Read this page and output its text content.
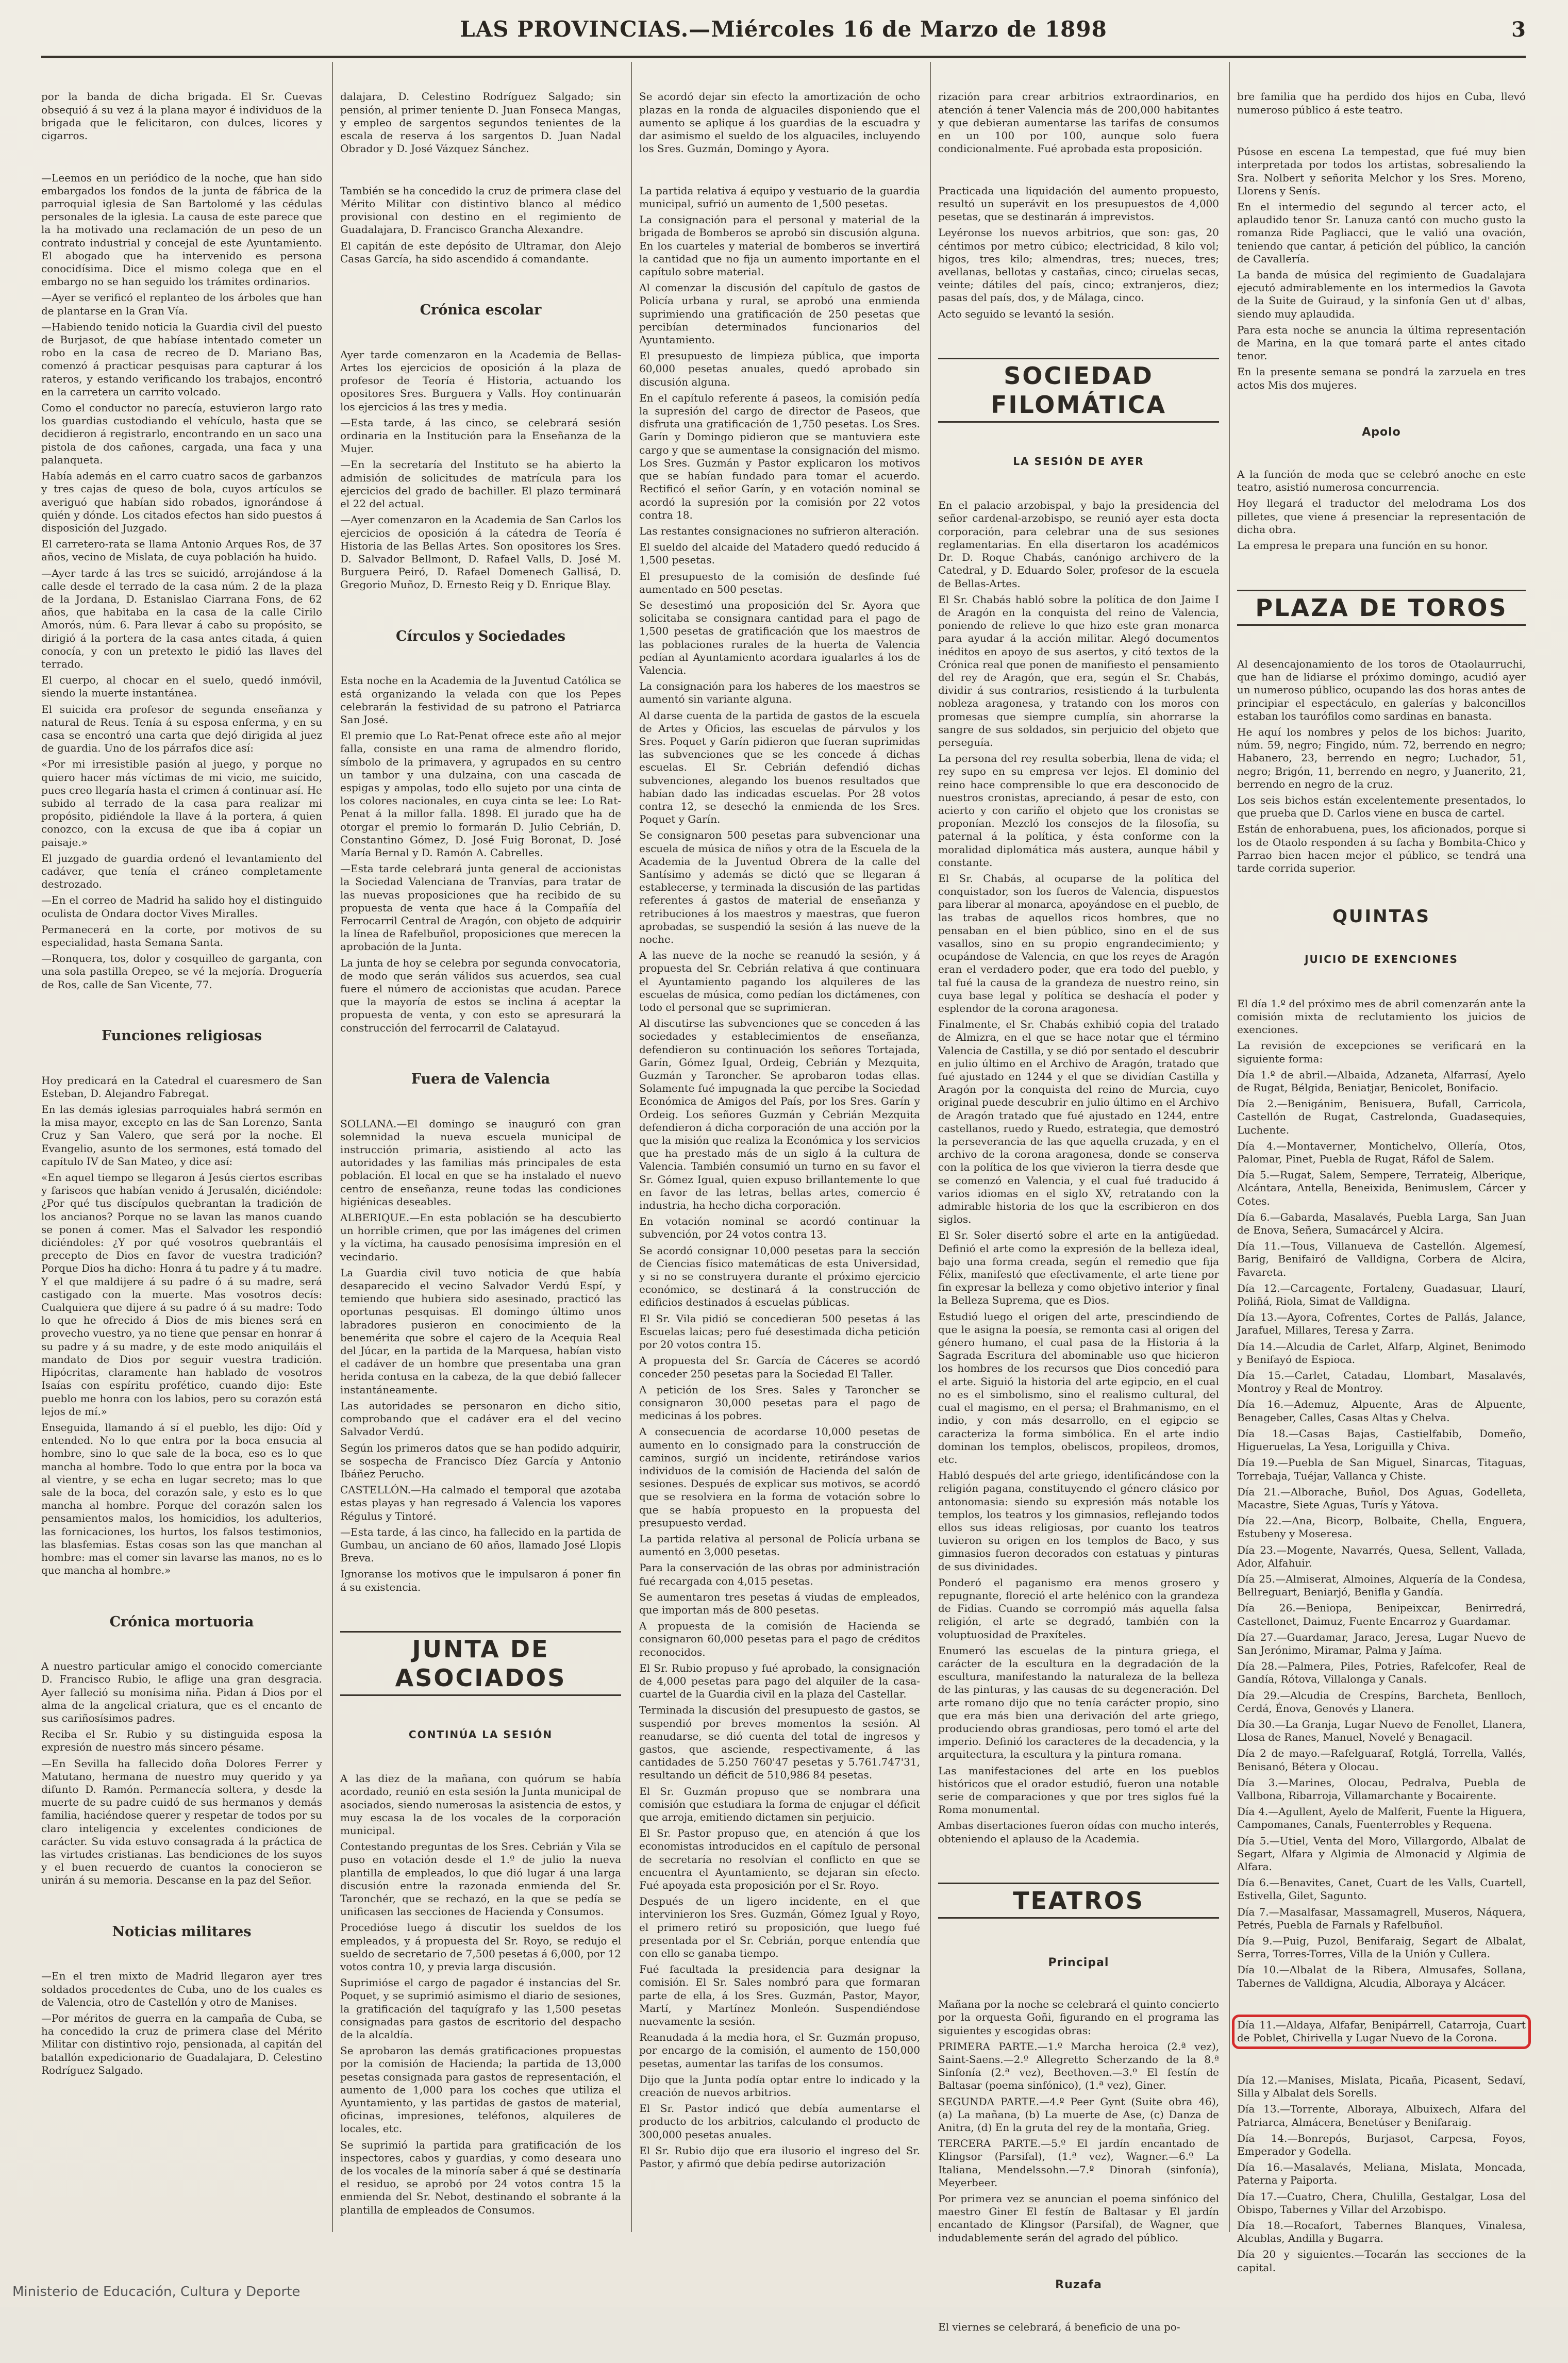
LAS PROVINCIAS.—Miércoles 16 de Marzo de 1898	3

por la banda de dicha brigada. El Sr. Cuevas obsequió á su vez á la plana mayor é individuos de la brigada que le felicitaron, con dulces, licores y cigarros.

—Leemos en un periódico de la noche, que han sido embargados los fondos de la junta de fábrica de la parroquial iglesia de San Bartolomé y las cédulas personales de la iglesia. La causa de este parece que la ha motivado una reclamación de un peso de un contrato industrial y concejal de este Ayuntamiento. El abogado que ha intervenido es persona conocidísima. Dice el mismo colega que en el embargo no se han seguido los trámites ordinarios.

—Ayer se verificó el replanteo de los árboles que han de plantarse en la Gran Vía.

—Habiendo tenido noticia la Guardia civil del puesto de Burjasot, de que habíase intentado cometer un robo en la casa de recreo de D. Mariano Bas, comenzó á practicar pesquisas para capturar á los rateros, y estando verificando los trabajos, encontró en la carretera un carrito volcado.

Como el conductor no parecía, estuvieron largo rato los guardias custodiando el vehículo, hasta que se decidieron á registrarlo, encontrando en un saco una pistola de dos cañones, cargada, una faca y una palanqueta.

Había además en el carro cuatro sacos de garbanzos y tres cajas de queso de bola, cuyos artículos se averiguó que habían sido robados, ignorándose á quién y dónde. Los citados efectos han sido puestos á disposición del Juzgado.

El carretero-rata se llama Antonio Arques Ros, de 37 años, vecino de Mislata, de cuya población ha huido.

—Ayer tarde á las tres se suicidó, arrojándose á la calle desde el terrado de la casa núm. 2 de la plaza de la Jordana, D. Estanislao Ciarrana Fons, de 62 años, que habitaba en la casa de la calle Cirilo Amorós, núm. 6. Para llevar á cabo su propósito, se dirigió á la portera de la casa antes citada, á quien conocía, y con un pretexto le pidió las llaves del terrado.

El cuerpo, al chocar en el suelo, quedó inmóvil, siendo la muerte instantánea.

El suicida era profesor de segunda enseñanza y natural de Reus. Tenía á su esposa enferma, y en su casa se encontró una carta que dejó dirigida al juez de guardia. Uno de los párrafos dice así:

«Por mi irresistible pasión al juego, y porque no quiero hacer más víctimas de mi vicio, me suicido, pues creo llegaría hasta el crimen á continuar así. He subido al terrado de la casa para realizar mi propósito, pidiéndole la llave á la portera, á quien conozco, con la excusa de que iba á copiar un paisaje.»

El juzgado de guardia ordenó el levantamiento del cadáver, que tenía el cráneo completamente destrozado.

—En el correo de Madrid ha salido hoy el distinguido oculista de Ondara doctor Vives Miralles.

Permanecerá en la corte, por motivos de su especialidad, hasta Semana Santa.

—Ronquera, tos, dolor y cosquilleo de garganta, con una sola pastilla Orepeo, se vé la mejoría. Droguería de Ros, calle de San Vicente, 77.

Funciones religiosas

Hoy predicará en la Catedral el cuaresmero de San Esteban, D. Alejandro Fabregat.

En las demás iglesias parroquiales habrá sermón en la misa mayor, excepto en las de San Lorenzo, Santa Cruz y San Valero, que será por la noche. El Evangelio, asunto de los sermones, está tomado del capítulo IV de San Mateo, y dice así:

«En aquel tiempo se llegaron á Jesús ciertos escribas y fariseos que habían venido á Jerusalén, diciéndole: ¿Por qué tus discípulos quebrantan la tradición de los ancianos? Porque no se lavan las manos cuando se ponen á comer. Mas el Salvador les respondió diciéndoles: ¿Y por qué vosotros quebrantáis el precepto de Dios en favor de vuestra tradición? Porque Dios ha dicho: Honra á tu padre y á tu madre. Y el que maldijere á su padre ó á su madre, será castigado con la muerte. Mas vosotros decís: Cualquiera que dijere á su padre ó á su madre: Todo lo que he ofrecido á Dios de mis bienes será en provecho vuestro, ya no tiene que pensar en honrar á su padre y á su madre, y de este modo aniquiláis el mandato de Dios por seguir vuestra tradición. Hipócritas, claramente han hablado de vosotros Isaías con espíritu profético, cuando dijo: Este pueblo me honra con los labios, pero su corazón está lejos de mí.»

Enseguida, llamando á sí el pueblo, les dijo: Oíd y entended. No lo que entra por la boca ensucia al hombre, sino lo que sale de la boca, eso es lo que mancha al hombre. Todo lo que entra por la boca va al vientre, y se echa en lugar secreto; mas lo que sale de la boca, del corazón sale, y esto es lo que mancha al hombre. Porque del corazón salen los pensamientos malos, los homicidios, los adulterios, las fornicaciones, los hurtos, los falsos testimonios, las blasfemias. Estas cosas son las que manchan al hombre: mas el comer sin lavarse las manos, no es lo que mancha al hombre.»

Crónica mortuoria

A nuestro particular amigo el conocido comerciante D. Francisco Rubio, le aflige una gran desgracia. Ayer falleció su monísima niña. Pidan á Dios por el alma de la angelical criatura, que es el encanto de sus cariñosísimos padres.

Reciba el Sr. Rubio y su distinguida esposa la expresión de nuestro más sincero pésame.

—En Sevilla ha fallecido doña Dolores Ferrer y Matutano, hermana de nuestro muy querido y ya difunto D. Ramón. Permanecía soltera, y desde la muerte de su padre cuidó de sus hermanos y demás familia, haciéndose querer y respetar de todos por su claro inteligencia y excelentes condiciones de carácter. Su vida estuvo consagrada á la práctica de las virtudes cristianas. Las bendiciones de los suyos y el buen recuerdo de cuantos la conocieron se unirán á su memoria. Descanse en la paz del Señor.

Noticias militares

—En el tren mixto de Madrid llegaron ayer tres soldados procedentes de Cuba, uno de los cuales es de Valencia, otro de Castellón y otro de Manises.

—Por méritos de guerra en la campaña de Cuba, se ha concedido la cruz de primera clase del Mérito Militar con distintivo rojo, pensionada, al capitán del batallón expedicionario de Guadalajara, D. Celestino Rodríguez Salgado.

dalajara, D. Celestino Rodríguez Salgado; sin pensión, al primer teniente D. Juan Fonseca Mangas, y empleo de sargentos segundos tenientes de la escala de reserva á los sargentos D. Juan Nadal Obrador y D. José Vázquez Sánchez.

También se ha concedido la cruz de primera clase del Mérito Militar con distintivo blanco al médico provisional con destino en el regimiento de Guadalajara, D. Francisco Grancha Alexandre.

El capitán de este depósito de Ultramar, don Alejo Casas García, ha sido ascendido á comandante.

Crónica escolar

Ayer tarde comenzaron en la Academia de Bellas-Artes los ejercicios de oposición á la plaza de profesor de Teoría é Historia, actuando los opositores Sres. Burguera y Valls. Hoy continuarán los ejercicios á las tres y media.

—Esta tarde, á las cinco, se celebrará sesión ordinaria en la Institución para la Enseñanza de la Mujer.

—En la secretaría del Instituto se ha abierto la admisión de solicitudes de matrícula para los ejercicios del grado de bachiller. El plazo terminará el 22 del actual.

—Ayer comenzaron en la Academia de San Carlos los ejercicios de oposición á la cátedra de Teoría é Historia de las Bellas Artes. Son opositores los Sres. D. Salvador Bellmont, D. Rafael Valls, D. José M. Burguera Peiró, D. Rafael Domenech Gallisá, D. Gregorio Muñoz, D. Ernesto Reig y D. Enrique Blay.

Círculos y Sociedades

Esta noche en la Academia de la Juventud Católica se está organizando la velada con que los Pepes celebrarán la festividad de su patrono el Patriarca San José.

El premio que Lo Rat-Penat ofrece este año al mejor falla, consiste en una rama de almendro florido, símbolo de la primavera, y agrupados en su centro un tambor y una dulzaina, con una cascada de espigas y ampolas, todo ello sujeto por una cinta de los colores nacionales, en cuya cinta se lee: Lo Rat-Penat á la millor falla. 1898. El jurado que ha de otorgar el premio lo formarán D. Julio Cebrián, D. Constantino Gómez, D. José Fuig Boronat, D. José María Bernal y D. Ramón A. Cabrelles.

—Esta tarde celebrará junta general de accionistas la Sociedad Valenciana de Tranvías, para tratar de las nuevas proposiciones que ha recibido de su propuesta de venta que hace á la Compañía del Ferrocarril Central de Aragón, con objeto de adquirir la línea de Rafelbuñol, proposiciones que merecen la aprobación de la Junta.

La junta de hoy se celebra por segunda convocatoria, de modo que serán válidos sus acuerdos, sea cual fuere el número de accionistas que acudan. Parece que la mayoría de estos se inclina á aceptar la propuesta de venta, y con esto se apresurará la construcción del ferrocarril de Calatayud.

Fuera de Valencia

SOLLANA.—El domingo se inauguró con gran solemnidad la nueva escuela municipal de instrucción primaria, asistiendo al acto las autoridades y las familias más principales de esta población. El local en que se ha instalado el nuevo centro de enseñanza, reune todas las condiciones higiénicas deseables.

ALBERIQUE.—En esta población se ha descubierto un horrible crimen, que por las imágenes del crimen y la víctima, ha causado penosísima impresión en el vecindario.

La Guardia civil tuvo noticia de que había desaparecido el vecino Salvador Verdú Espí, y temiendo que hubiera sido asesinado, practicó las oportunas pesquisas. El domingo último unos labradores pusieron en conocimiento de la benemérita que sobre el cajero de la Acequia Real del Júcar, en la partida de la Marquesa, habían visto el cadáver de un hombre que presentaba una gran herida contusa en la cabeza, de la que debió fallecer instantáneamente.

Las autoridades se personaron en dicho sitio, comprobando que el cadáver era el del vecino Salvador Verdú.

Según los primeros datos que se han podido adquirir, se sospecha de Francisco Díez García y Antonio Ibáñez Perucho.

CASTELLÓN.—Ha calmado el temporal que azotaba estas playas y han regresado á Valencia los vapores Régulus y Tintoré.

—Esta tarde, á las cinco, ha fallecido en la partida de Gumbau, un anciano de 60 años, llamado José Llopis Breva.

Ignoranse los motivos que le impulsaron á poner fin á su existencia.

JUNTA DE ASOCIADOS

CONTINÚA LA SESIÓN

A las diez de la mañana, con quórum se había acordado, reunió en esta sesión la Junta municipal de asociados, siendo numerosas la asistencia de estos, y muy escasa la de los vocales de la corporación municipal.

Contestando preguntas de los Sres. Cebrián y Vila se puso en votación desde el 1.º de julio la nueva plantilla de empleados, lo que dió lugar á una larga discusión entre la razonada enmienda del Sr. Taronchér, que se rechazó, en la que se pedía se unificasen las secciones de Hacienda y Consumos.

Procedióse luego á discutir los sueldos de los empleados, y á propuesta del Sr. Royo, se redujo el sueldo de secretario de 7,500 pesetas á 6,000, por 12 votos contra 10, y previa larga discusión.

Suprimióse el cargo de pagador é instancias del Sr. Poquet, y se suprimió asimismo el diario de sesiones, la gratificación del taquígrafo y las 1,500 pesetas consignadas para gastos de escritorio del despacho de la alcaldía.

Se aprobaron las demás gratificaciones propuestas por la comisión de Hacienda; la partida de 13,000 pesetas consignada para gastos de representación, el aumento de 1,000 para los coches que utiliza el Ayuntamiento, y las partidas de gastos de material, oficinas, impresiones, teléfonos, alquileres de locales, etc.

Se suprimió la partida para gratificación de los inspectores, cabos y guardias, y como deseara uno de los vocales de la minoría saber á qué se destinaría el residuo, se aprobó por 24 votos contra 15 la enmienda del Sr. Nebot, destinando el sobrante á la plantilla de empleados de Consumos.

Se acordó dejar sin efecto la amortización de ocho plazas en la ronda de alguaciles disponiendo que el aumento se aplique á los guardias de la escuadra y dar asimismo el sueldo de los alguaciles, incluyendo los Sres. Guzmán, Domingo y Ayora.

La partida relativa á equipo y vestuario de la guardia municipal, sufrió un aumento de 1,500 pesetas.

La consignación para el personal y material de la brigada de Bomberos se aprobó sin discusión alguna. En los cuarteles y material de bomberos se invertirá la cantidad que no fija un aumento importante en el capítulo sobre material.

Al comenzar la discusión del capítulo de gastos de Policía urbana y rural, se aprobó una enmienda suprimiendo una gratificación de 250 pesetas que percibían determinados funcionarios del Ayuntamiento.

El presupuesto de limpieza pública, que importa 60,000 pesetas anuales, quedó aprobado sin discusión alguna.

En el capítulo referente á paseos, la comisión pedía la supresión del cargo de director de Paseos, que disfruta una gratificación de 1,750 pesetas. Los Sres. Garín y Domingo pidieron que se mantuviera este cargo y que se aumentase la consignación del mismo. Los Sres. Guzmán y Pastor explicaron los motivos que se habían fundado para tomar el acuerdo. Rectificó el señor Garín, y en votación nominal se acordó la supresión por la comisión por 22 votos contra 18.

Las restantes consignaciones no sufrieron alteración.

El sueldo del alcaide del Matadero quedó reducido á 1,500 pesetas.

El presupuesto de la comisión de desfinde fué aumentado en 500 pesetas.

Se desestimó una proposición del Sr. Ayora que solicitaba se consignara cantidad para el pago de 1,500 pesetas de gratificación que los maestros de las poblaciones rurales de la huerta de Valencia pedían al Ayuntamiento acordara igualarles á los de Valencia.

La consignación para los haberes de los maestros se aumentó sin variante alguna.

Al darse cuenta de la partida de gastos de la escuela de Artes y Oficios, las escuelas de párvulos y los Sres. Poquet y Garín pidieron que fueran suprimidas las subvenciones que se les concede á dichas escuelas. El Sr. Cebrián defendió dichas subvenciones, alegando los buenos resultados que habían dado las indicadas escuelas. Por 28 votos contra 12, se desechó la enmienda de los Sres. Poquet y Garín.

Se consignaron 500 pesetas para subvencionar una escuela de música de niños y otra de la Escuela de la Academia de la Juventud Obrera de la calle del Santísimo y además se dictó que se llegaran á establecerse, y terminada la discusión de las partidas referentes á gastos de material de enseñanza y retribuciones á los maestros y maestras, que fueron aprobadas, se suspendió la sesión á las nueve de la noche.

A las nueve de la noche se reanudó la sesión, y á propuesta del Sr. Cebrián relativa á que continuara el Ayuntamiento pagando los alquileres de las escuelas de música, como pedían los dictámenes, con todo el personal que se suprimieran.

Al discutirse las subvenciones que se conceden á las sociedades y establecimientos de enseñanza, defendieron su continuación los señores Tortajada, Garín, Gómez Igual, Ordeig, Cebrián y Mezquita, Guzmán y Taroncher. Se aprobaron todas ellas. Solamente fué impugnada la que percibe la Sociedad Económica de Amigos del País, por los Sres. Garín y Ordeig. Los señores Guzmán y Cebrián Mezquita defendieron á dicha corporación de una acción por la que la misión que realiza la Económica y los servicios que ha prestado más de un siglo á la cultura de Valencia. También consumió un turno en su favor el Sr. Gómez Igual, quien expuso brillantemente lo que en favor de las letras, bellas artes, comercio é industria, ha hecho dicha corporación.

En votación nominal se acordó continuar la subvención, por 24 votos contra 13.

Se acordó consignar 10,000 pesetas para la sección de Ciencias físico matemáticas de esta Universidad, y si no se construyera durante el próximo ejercicio económico, se destinará á la construcción de edificios destinados á escuelas públicas.

El Sr. Vila pidió se concedieran 500 pesetas á las Escuelas laicas; pero fué desestimada dicha petición por 20 votos contra 15.

A propuesta del Sr. García de Cáceres se acordó conceder 250 pesetas para la Sociedad El Taller.

A petición de los Sres. Sales y Taroncher se consignaron 30,000 pesetas para el pago de medicinas á los pobres.

A consecuencia de acordarse 10,000 pesetas de aumento en lo consignado para la construcción de caminos, surgió un incidente, retirándose varios individuos de la comisión de Hacienda del salón de sesiones. Después de explicar sus motivos, se acordó que se resolviera en la forma de votación sobre lo que se había propuesto en la propuesta del presupuesto verdad.

La partida relativa al personal de Policía urbana se aumentó en 3,000 pesetas.

Para la conservación de las obras por administración fué recargada con 4,015 pesetas.

Se aumentaron tres pesetas á viudas de empleados, que importan más de 800 pesetas.

A propuesta de la comisión de Hacienda se consignaron 60,000 pesetas para el pago de créditos reconocidos.

El Sr. Rubio propuso y fué aprobado, la consignación de 4,000 pesetas para pago del alquiler de la casa-cuartel de la Guardia civil en la plaza del Castellar.

Terminada la discusión del presupuesto de gastos, se suspendió por breves momentos la sesión. Al reanudarse, se dió cuenta del total de ingresos y gastos, que asciende, respectivamente, á las cantidades de 5.250 760'47 pesetas y 5.761.747'31, resultando un déficit de 510,986 84 pesetas.

El Sr. Guzmán propuso que se nombrara una comisión que estudiara la forma de enjugar el déficit que arroja, emitiendo dictamen sin perjuicio.

El Sr. Pastor propuso que, en atención á que los economistas introducidos en el capítulo de personal de secretaría no resolvían el conflicto en que se encuentra el Ayuntamiento, se dejaran sin efecto. Fué apoyada esta proposición por el Sr. Royo.

Después de un ligero incidente, en el que intervinieron los Sres. Guzmán, Gómez Igual y Royo, el primero retiró su proposición, que luego fué presentada por el Sr. Cebrián, porque entendía que con ello se ganaba tiempo.

Fué facultada la presidencia para designar la comisión. El Sr. Sales nombró para que formaran parte de ella, á los Sres. Guzmán, Pastor, Mayor, Martí, y Martínez Monleón. Suspendiéndose nuevamente la sesión.

Reanudada á la media hora, el Sr. Guzmán propuso, por encargo de la comisión, el aumento de 150,000 pesetas, aumentar las tarifas de los consumos.

Dijo que la Junta podía optar entre lo indicado y la creación de nuevos arbitrios.

El Sr. Pastor indicó que debía aumentarse el producto de los arbitrios, calculando el producto de 300,000 pesetas anuales.

El Sr. Rubio dijo que era ilusorio el ingreso del Sr. Pastor, y afirmó que debía pedirse autorización

rización para crear arbitrios extraordinarios, en atención á tener Valencia más de 200,000 habitantes y que debieran aumentarse las tarifas de consumos en un 100 por 100, aunque solo fuera condicionalmente. Fué aprobada esta proposición.

Practicada una liquidación del aumento propuesto, resultó un superávit en los presupuestos de 4,000 pesetas, que se destinarán á imprevistos.

Leyéronse los nuevos arbitrios, que son: gas, 20 céntimos por metro cúbico; electricidad, 8 kilo vol; higos, tres kilo; almendras, tres; nueces, tres; avellanas, bellotas y castañas, cinco; ciruelas secas, veinte; dátiles del país, cinco; extranjeros, diez; pasas del país, dos, y de Málaga, cinco.

Acto seguido se levantó la sesión.

SOCIEDAD FILOMÁTICA

LA SESIÓN DE AYER

En el palacio arzobispal, y bajo la presidencia del señor cardenal-arzobispo, se reunió ayer esta docta corporación, para celebrar una de sus sesiones reglamentarias. En ella disertaron los académicos Dr. D. Roque Chabás, canónigo archivero de la Catedral, y D. Eduardo Soler, profesor de la escuela de Bellas-Artes.

El Sr. Chabás habló sobre la política de don Jaime I de Aragón en la conquista del reino de Valencia, poniendo de relieve lo que hizo este gran monarca para ayudar á la acción militar. Alegó documentos inéditos en apoyo de sus asertos, y citó textos de la Crónica real que ponen de manifiesto el pensamiento del rey de Aragón, que era, según el Sr. Chabás, dividir á sus contrarios, resistiendo á la turbulenta nobleza aragonesa, y tratando con los moros con promesas que siempre cumplía, sin ahorrarse la sangre de sus soldados, sin perjuicio del objeto que perseguía.

La persona del rey resulta soberbia, llena de vida; el rey supo en su empresa ver lejos. El dominio del reino hace comprensible lo que era desconocido de nuestros cronistas, apreciando, á pesar de esto, con acierto y con cariño el objeto que los cronistas se proponían. Mezcló los consejos de la filosofía, su paternal á la política, y ésta conforme con la moralidad diplomática más austera, aunque hábil y constante.

El Sr. Chabás, al ocuparse de la política del conquistador, son los fueros de Valencia, dispuestos para liberar al monarca, apoyándose en el pueblo, de las trabas de aquellos ricos hombres, que no pensaban en el bien público, sino en el de sus vasallos, sino en su propio engrandecimiento; y ocupándose de Valencia, en que los reyes de Aragón eran el verdadero poder, que era todo del pueblo, y tal fué la causa de la grandeza de nuestro reino, sin cuya base legal y política se deshacía el poder y esplendor de la corona aragonesa.

Finalmente, el Sr. Chabás exhibió copia del tratado de Almizra, en el que se hace notar que el término Valencia de Castilla, y se dió por sentado el descubrir en julio último en el Archivo de Aragón, tratado que fué ajustado en 1244 y el que se dividían Castilla y Aragón por la conquista del reino de Murcia, cuyo original puede descubrir en julio último en el Archivo de Aragón tratado que fué ajustado en 1244, entre castellanos, ruedo y Ruedo, estrategia, que demostró la perseverancia de las que aquella cruzada, y en el archivo de la corona aragonesa, donde se conserva con la política de los que vivieron la tierra desde que se comenzó en Valencia, y el cual fué traducido á varios idiomas en el siglo XV, retratando con la admirable historia de los que la escribieron en dos siglos.

El Sr. Soler disertó sobre el arte en la antigüedad. Definió el arte como la expresión de la belleza ideal, bajo una forma creada, según el remedio que fija Félix, manifestó que efectivamente, el arte tiene por fin expresar la belleza y como objetivo interior y final la Belleza Suprema, que es Dios.

Estudió luego el origen del arte, prescindiendo de que le asigna la poesía, se remonta casi al origen del género humano, el cual pasa de la Historia á la Sagrada Escritura del abominable uso que hicieron los hombres de los recursos que Dios concedió para el arte. Siguió la historia del arte egipcio, en el cual no es el simbolismo, sino el realismo cultural, del cual el magismo, en el persa; el Brahmanismo, en el indio, y con más desarrollo, en el egipcio se caracteriza la forma simbólica. En el arte indio dominan los templos, obeliscos, propileos, dromos, etc.

Habló después del arte griego, identificándose con la religión pagana, constituyendo el género clásico por antonomasia: siendo su expresión más notable los templos, los teatros y los gimnasios, reflejando todos ellos sus ideas religiosas, por cuanto los teatros tuvieron su origen en los templos de Baco, y sus gimnasios fueron decorados con estatuas y pinturas de sus divinidades.

Ponderó el paganismo era menos grosero y repugnante, floreció el arte helénico con la grandeza de Fidias. Cuando se corrompió más aquella falsa religión, el arte se degradó, también con la voluptuosidad de Praxíteles.

Enumeró las escuelas de la pintura griega, el carácter de la escultura en la degradación de la escultura, manifestando la naturaleza de la belleza de las pinturas, y las causas de su degeneración. Del arte romano dijo que no tenía carácter propio, sino que era más bien una derivación del arte griego, produciendo obras grandiosas, pero tomó el arte del imperio. Definió los caracteres de la decadencia, y la arquitectura, la escultura y la pintura romana.

Las manifestaciones del arte en los pueblos históricos que el orador estudió, fueron una notable serie de comparaciones y que por tres siglos fué la Roma monumental.

Ambas disertaciones fueron oídas con mucho interés, obteniendo el aplauso de la Academia.

TEATROS

Principal

Mañana por la noche se celebrará el quinto concierto por la orquesta Goñi, figurando en el programa las siguientes y escogidas obras:

PRIMERA PARTE.—1.º Marcha heroica (2.ª vez), Saint-Saens.—2.º Allegretto Scherzando de la 8.ª Sinfonía (2.ª vez), Beethoven.—3.º El festín de Baltasar (poema sinfónico), (1.ª vez), Giner.

SEGUNDA PARTE.—4.º Peer Gynt (Suite obra 46), (a) La mañana, (b) La muerte de Ase, (c) Danza de Anitra, (d) En la gruta del rey de la montaña, Grieg.

TERCERA PARTE.—5.º El jardín encantado de Klingsor (Parsifal), (1.ª vez), Wagner.—6.º La Italiana, Mendelssohn.—7.º Dinorah (sinfonía), Meyerbeer.

Por primera vez se anuncian el poema sinfónico del maestro Giner El festín de Baltasar y El jardín encantado de Klingsor (Parsifal), de Wagner, que indudablemente serán del agrado del público.

Ruzafa

El viernes se celebrará, á beneficio de una po-

bre familia que ha perdido dos hijos en Cuba, llevó numeroso público á este teatro.

Púsose en escena La tempestad, que fué muy bien interpretada por todos los artistas, sobresaliendo la Sra. Nolbert y señorita Melchor y los Sres. Moreno, Llorens y Senís.

En el intermedio del segundo al tercer acto, el aplaudido tenor Sr. Lanuza cantó con mucho gusto la romanza Ride Pagliacci, que le valió una ovación, teniendo que cantar, á petición del público, la canción de Cavallería.

La banda de música del regimiento de Guadalajara ejecutó admirablemente en los intermedios la Gavota de la Suite de Guiraud, y la sinfonía Gen ut d' albas, siendo muy aplaudida.

Para esta noche se anuncia la última representación de Marina, en la que tomará parte el antes citado tenor.

En la presente semana se pondrá la zarzuela en tres actos Mis dos mujeres.

Apolo

A la función de moda que se celebró anoche en este teatro, asistió numerosa concurrencia.

Hoy llegará el traductor del melodrama Los dos pilletes, que viene á presenciar la representación de dicha obra.

La empresa le prepara una función en su honor.

PLAZA DE TOROS

Al desencajonamiento de los toros de Otaolaurruchi, que han de lidiarse el próximo domingo, acudió ayer un numeroso público, ocupando las dos horas antes de principiar el espectáculo, en galerías y balconcillos estaban los taurófilos como sardinas en banasta.

He aquí los nombres y pelos de los bichos: Juarito, núm. 59, negro; Fingido, núm. 72, berrendo en negro; Habanero, 23, berrendo en negro; Luchador, 51, negro; Brigón, 11, berrendo en negro, y Juanerito, 21, berrendo en negro de la cruz.

Los seis bichos están excelentemente presentados, lo que prueba que D. Carlos viene en busca de cartel.

Están de enhorabuena, pues, los aficionados, porque si los de Otaolo responden á su facha y Bombita-Chico y Parrao bien hacen mejor el público, se tendrá una tarde corrida superior.

QUINTAS

JUICIO DE EXENCIONES

El día 1.º del próximo mes de abril comenzarán ante la comisión mixta de reclutamiento los juicios de exenciones.

La revisión de excepciones se verificará en la siguiente forma:

Día 1.º de abril.—Albaida, Adzaneta, Alfarrasí, Ayelo de Rugat, Bélgida, Beniatjar, Benicolet, Bonifacio.

Día 2.—Benigánim, Benisuera, Bufall, Carricola, Castellón de Rugat, Castrelonda, Guadasequies, Luchente.

Día 4.—Montaverner, Montichelvo, Ollería, Otos, Palomar, Pinet, Puebla de Rugat, Ráfol de Salem.

Día 5.—Rugat, Salem, Sempere, Terrateig, Alberique, Alcántara, Antella, Beneixida, Benimuslem, Cárcer y Cotes.

Día 6.—Gabarda, Masalavés, Puebla Larga, San Juan de Enova, Señera, Sumacárcel y Alcira.

Día 11.—Tous, Villanueva de Castellón. Algemesí, Barig, Benifairó de Valldigna, Corbera de Alcira, Favareta.

Día 12.—Carcagente, Fortaleny, Guadasuar, Llaurí, Poliñá, Riola, Simat de Valldigna.

Día 13.—Ayora, Cofrentes, Cortes de Pallás, Jalance, Jarafuel, Millares, Teresa y Zarra.

Día 14.—Alcudia de Carlet, Alfarp, Alginet, Benimodo y Benifayó de Espioca.

Día 15.—Carlet, Catadau, Llombart, Masalavés, Montroy y Real de Montroy.

Día 16.—Ademuz, Alpuente, Aras de Alpuente, Benageber, Calles, Casas Altas y Chelva.

Día 18.—Casas Bajas, Castielfabib, Domeño, Higueruelas, La Yesa, Loriguilla y Chiva.

Día 19.—Puebla de San Miguel, Sinarcas, Titaguas, Torrebaja, Tuéjar, Vallanca y Chiste.

Día 21.—Alborache, Buñol, Dos Aguas, Godelleta, Macastre, Siete Aguas, Turís y Yátova.

Día 22.—Ana, Bicorp, Bolbaite, Chella, Enguera, Estubeny y Moseresa.

Día 23.—Mogente, Navarrés, Quesa, Sellent, Vallada, Ador, Alfahuir.

Día 25.—Almiserat, Almoines, Alquería de la Condesa, Bellreguart, Beniarjó, Benifla y Gandía.

Día 26.—Beniopa, Benipeixcar, Benirredrá, Castellonet, Daimuz, Fuente Encarroz y Guardamar.

Día 27.—Guardamar, Jaraco, Jeresa, Lugar Nuevo de San Jerónimo, Miramar, Palma y Jaíma.

Día 28.—Palmera, Piles, Potries, Rafelcofer, Real de Gandía, Rótova, Villalonga y Canals.

Día 29.—Alcudia de Crespíns, Barcheta, Benlloch, Cerdá, Énova, Genovés y Llanera.

Día 30.—La Granja, Lugar Nuevo de Fenollet, Llanera, Llosa de Ranes, Manuel, Novelé y Benagacil.

Día 2 de mayo.—Rafelguaraf, Rotglá, Torrella, Vallés, Benisanó, Bétera y Olocau.

Día 3.—Marines, Olocau, Pedralva, Puebla de Vallbona, Ribarroja, Villamarchante y Bocairente.

Día 4.—Agullent, Ayelo de Malferit, Fuente la Higuera, Campomanes, Canals, Fuenterrobles y Requena.

Día 5.—Utiel, Venta del Moro, Villargordo, Albalat de Segart, Alfara y Algimia de Almonacid y Algimia de Alfara.

Día 6.—Benavites, Canet, Cuart de les Valls, Cuartell, Estivella, Gilet, Sagunto.

Día 7.—Masalfasar, Massamagrell, Museros, Náquera, Petrés, Puebla de Farnals y Rafelbuñol.

Día 9.—Puig, Puzol, Benifaraig, Segart de Albalat, Serra, Torres-Torres, Villa de la Unión y Cullera.

Día 10.—Albalat de la Ribera, Almusafes, Sollana, Tabernes de Valldigna, Alcudia, Alboraya y Alcácer.

Día 11.—Aldaya, Alfafar, Benipárrell, Catarroja, Cuart de Poblet, Chirivella y Lugar Nuevo de la Corona.

Día 12.—Manises, Mislata, Picaña, Picasent, Sedaví, Silla y Albalat dels Sorells.

Día 13.—Torrente, Alboraya, Albuixech, Alfara del Patriarca, Almácera, Benetúser y Benifaraig.

Día 14.—Bonrepós, Burjasot, Carpesa, Foyos, Emperador y Godella.

Día 16.—Masalavés, Meliana, Mislata, Moncada, Paterna y Paiporta.

Día 17.—Cuatro, Chera, Chulilla, Gestalgar, Losa del Obispo, Tabernes y Villar del Arzobispo.

Día 18.—Rocafort, Tabernes Blanques, Vinalesa, Alcublas, Andilla y Bugarra.

Día 20 y siguientes.—Tocarán las secciones de la capital.

Ministerio de Educación, Cultura y Deporte
